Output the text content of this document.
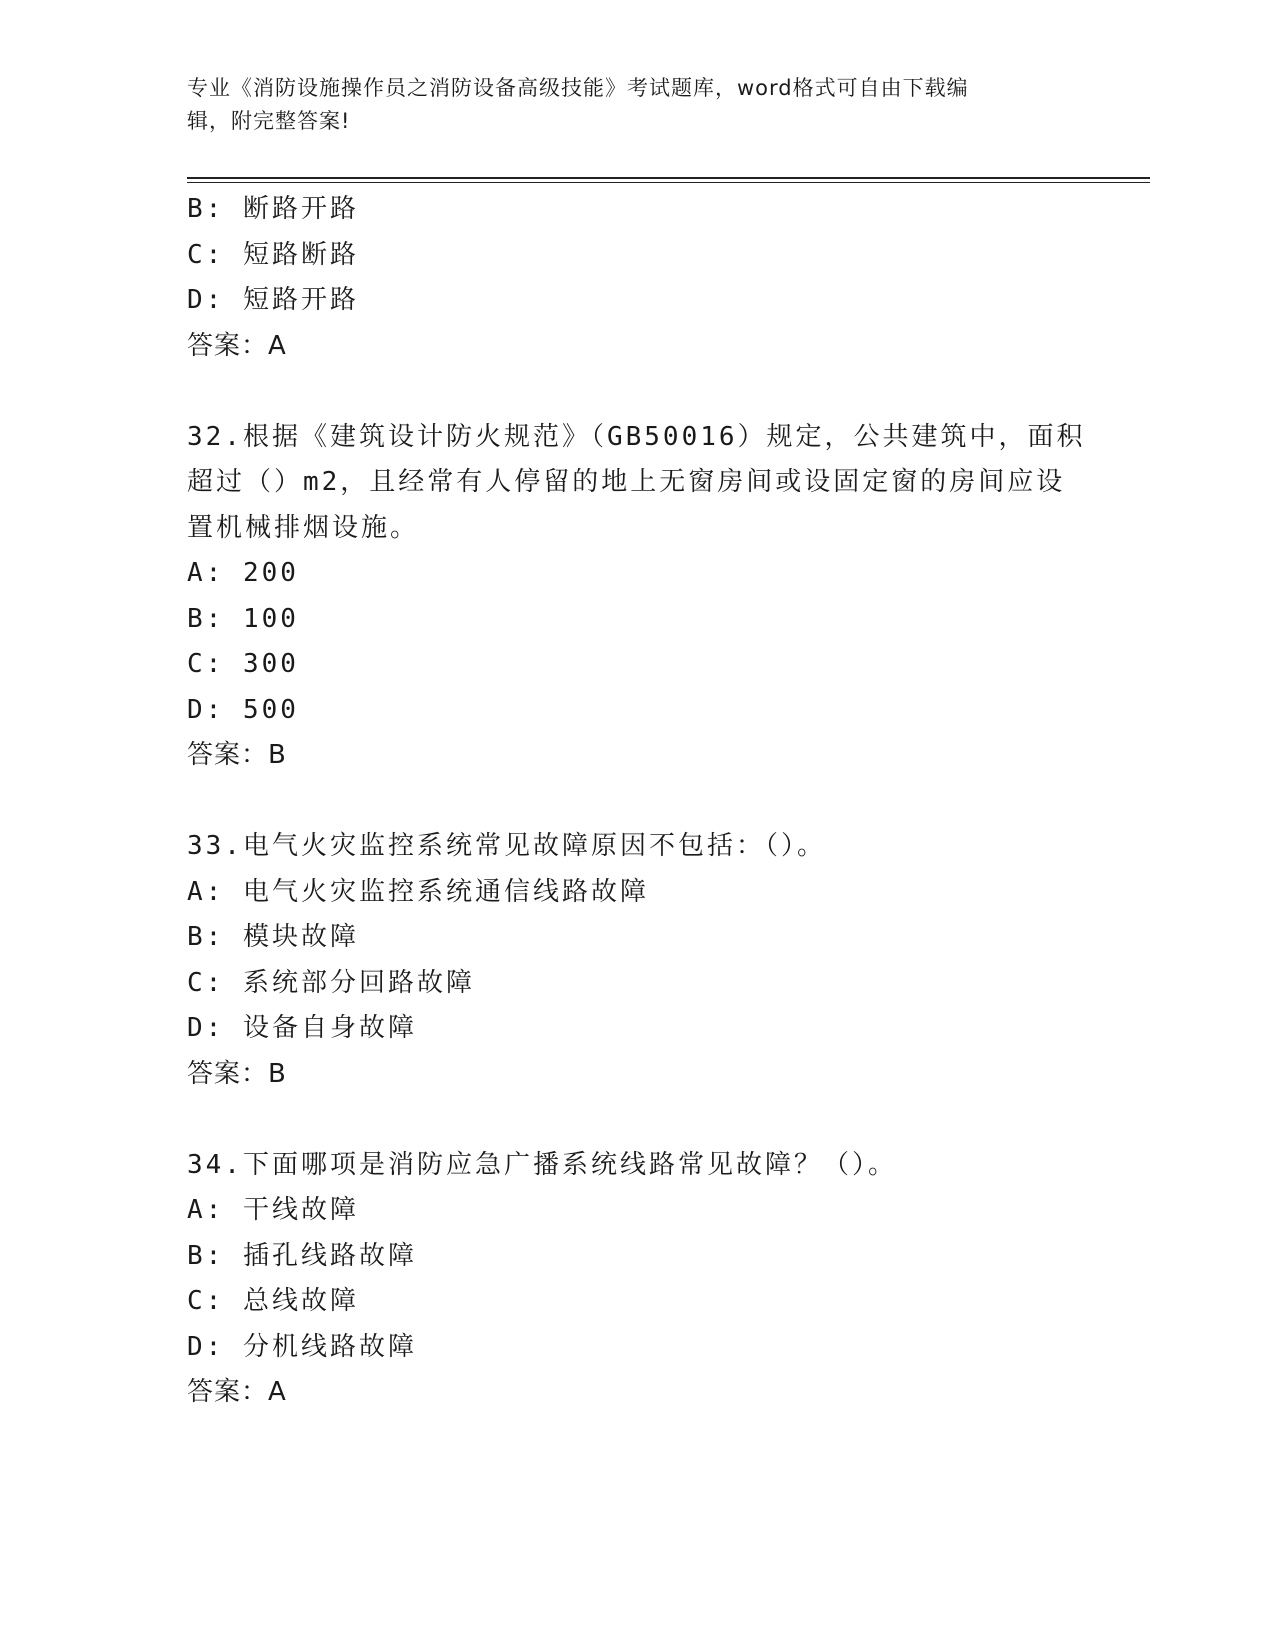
专业《消防设施操作员之消防设备高级技能》考试题库，word格式可自由下载编
辑，附完整答案!
B: 断路开路
C: 短路断路
D: 短路开路
答案：A
32.根据《建筑设计防火规范》（GB50016）规定，公共建筑中，面积
超过（）m2，且经常有人停留的地上无窗房间或设固定窗的房间应设
置机械排烟设施。
A: 200
B: 100
C: 300
D: 500
答案：B
33.电气火灾监控系统常见故障原因不包括：（）。
A: 电气火灾监控系统通信线路故障
B: 模块故障
C: 系统部分回路故障
D: 设备自身故障
答案：B
34.下面哪项是消防应急广播系统线路常见故障？（）。
A: 干线故障
B: 插孔线路故障
C: 总线故障
D: 分机线路故障
答案：A
